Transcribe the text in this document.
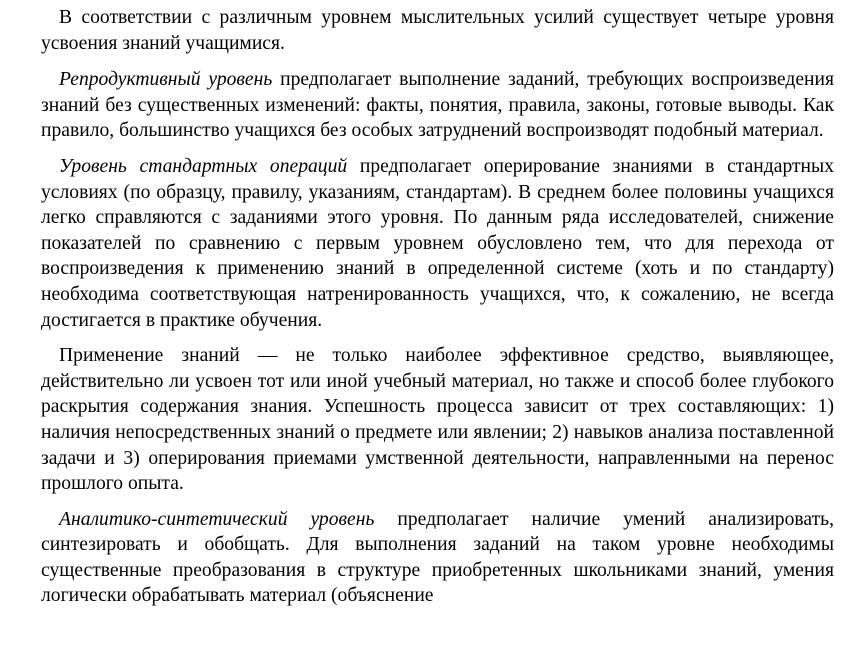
В соответствии с различным уровнем мыслительных усилий существует четыре уровня усвоения знаний учащимися.

Репродуктивный уровень предполагает выполнение заданий, требующих воспроизведения знаний без существенных изменений: факты, понятия, правила, законы, готовые выводы. Как правило, большинство учащихся без особых затруднений воспроизводят подобный материал.

Уровень стандартных операций предполагает оперирование знаниями в стандартных условиях (по образцу, правилу, указаниям, стандартам). В среднем более половины учащихся легко справляются с заданиями этого уровня. По данным ряда исследователей, снижение показателей по сравнению с первым уровнем обусловлено тем, что для перехода от воспроизведения к применению знаний в определенной системе (хоть и по стандарту) необходима соответствующая натренированность учащихся, что, к сожалению, не всегда достигается в практике обучения.

Применение знаний — не только наиболее эффективное средство, выявляющее, действительно ли усвоен тот или иной учебный материал, но также и способ более глубокого раскрытия содержания знания. Успешность процесса зависит от трех составляющих: 1) наличия непосредственных знаний о предмете или явлении; 2) навыков анализа поставленной задачи и 3) оперирования приемами умственной деятельности, направленными на перенос прошлого опыта.

Аналитико-синтетический уровень предполагает наличие умений анализировать, синтезировать и обобщать. Для выполнения заданий на таком уровне необходимы существенные преобразования в структуре приобретенных школьниками знаний, умения логически обрабатывать материал (объяснение
